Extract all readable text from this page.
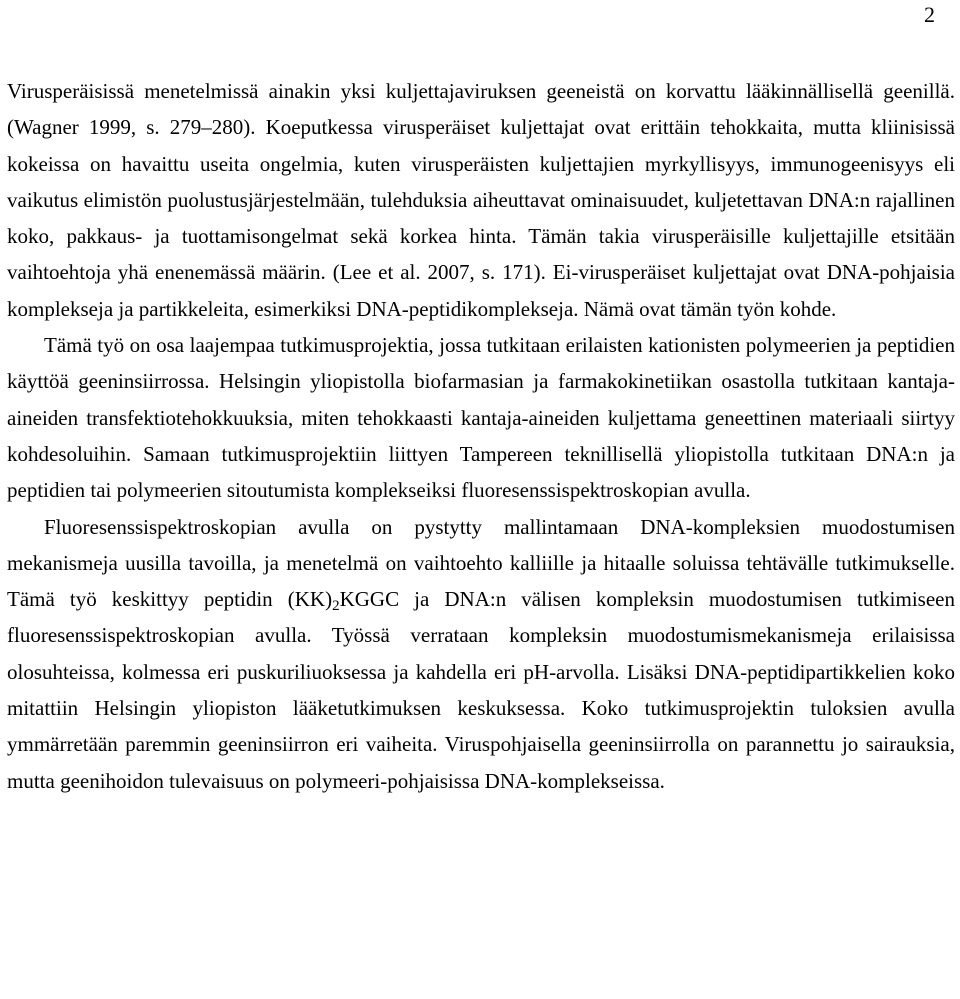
2

Virusperäisissä menetelmissä ainakin yksi kuljettajaviruksen geeneistä on korvattu lääkinnällisellä geenillä. (Wagner 1999, s. 279–280). Koeputkessa virusperäiset kuljettajat ovat erittäin tehokkaita, mutta kliinisissä kokeissa on havaittu useita ongelmia, kuten virusperäisten kuljettajien myrkyllisyys, immunogeenisyys eli vaikutus elimistön puolustusjärjestelmään, tulehduksia aiheuttavat ominaisuudet, kuljetettavan DNA:n rajallinen koko, pakkaus- ja tuottamisongelmat sekä korkea hinta. Tämän takia virusperäisille kuljettajille etsitään vaihtoehtoja yhä enenemässä määrin. (Lee et al. 2007, s. 171). Ei-virusperäiset kuljettajat ovat DNA-pohjaisia komplekseja ja partikkeleita, esimerkiksi DNA-peptidikomplekseja. Nämä ovat tämän työn kohde.

Tämä työ on osa laajempaa tutkimusprojektia, jossa tutkitaan erilaisten kationisten polymeerien ja peptidien käyttöä geeninsiirrossa. Helsingin yliopistolla biofarmasian ja farmakokinetiikan osastolla tutkitaan kantaja-aineiden transfektiotehokkuuksia, miten tehokkaasti kantaja-aineiden kuljettama geneettinen materiaali siirtyy kohdesoluihin. Samaan tutkimusprojektiin liittyen Tampereen teknillisellä yliopistolla tutkitaan DNA:n ja peptidien tai polymeerien sitoutumista komplekseiksi fluoresenssispektroskopian avulla.

Fluoresenssispektroskopian avulla on pystytty mallintamaan DNA-kompleksien muodostumisen mekanismeja uusilla tavoilla, ja menetelmä on vaihtoehto kalliille ja hitaalle soluissa tehtävälle tutkimukselle. Tämä työ keskittyy peptidin $(KK)_2KGGC$ ja DNA:n välisen kompleksin muodostumisen tutkimiseen fluoresenssispektroskopian avulla. Työssä verrataan kompleksin muodostumismekanismeja erilaisissa olosuhteissa, kolmessa eri puskuriliuoksessa ja kahdella eri pH-arvolla. Lisäksi DNA-peptidipartikkelien koko mitattiin Helsingin yliopiston lääketutkimuksen keskuksessa. Koko tutkimusprojektin tuloksien avulla ymmärretään paremmin geeninsiirron eri vaiheita. Viruspohjaisella geeninsiirrolla on parannettu jo sairauksia, mutta geenihoidon tulevaisuus on polymeeri-pohjaisissa DNA-komplekseissa.
